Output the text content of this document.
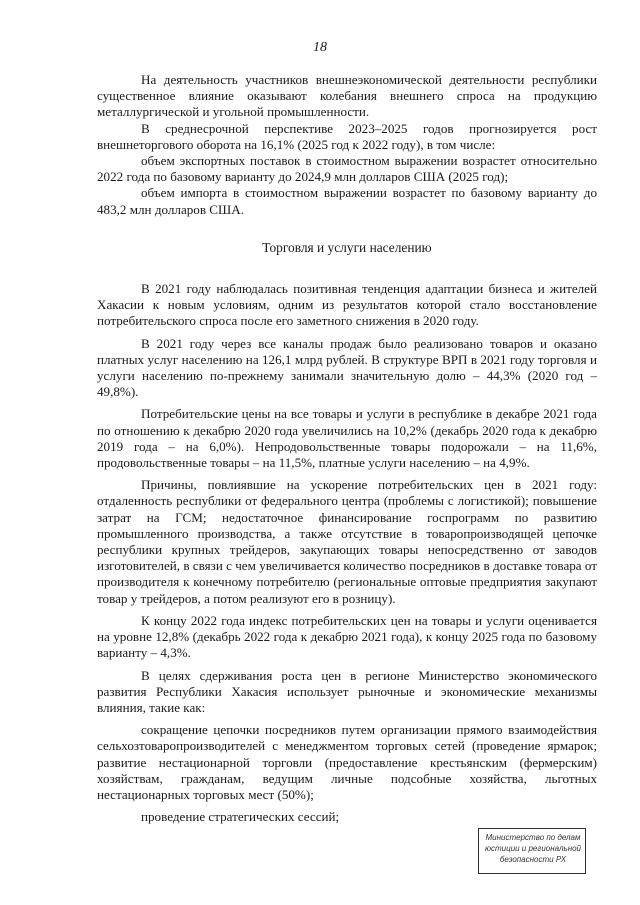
18

На деятельность участников внешнеэкономической деятельности республики существенное влияние оказывают колебания внешнего спроса на продукцию металлургической и угольной промышленности.

В среднесрочной перспективе 2023–2025 годов прогнозируется рост внешнеторгового оборота на 16,1% (2025 год к 2022 году), в том числе:

объем экспортных поставок в стоимостном выражении возрастет относительно 2022 года по базовому варианту до 2024,9 млн долларов США (2025 год);

объем импорта в стоимостном выражении возрастет по базовому варианту до 483,2 млн долларов США.

Торговля и услуги населению

В 2021 году наблюдалась позитивная тенденция адаптации бизнеса и жителей Хакасии к новым условиям, одним из результатов которой стало восстановление потребительского спроса после его заметного снижения в 2020 году.

В 2021 году через все каналы продаж было реализовано товаров и оказано платных услуг населению на 126,1 млрд рублей. В структуре ВРП в 2021 году торговля и услуги населению по-прежнему занимали значительную долю – 44,3% (2020 год – 49,8%).

Потребительские цены на все товары и услуги в республике в декабре 2021 года по отношению к декабрю 2020 года увеличились на 10,2% (декабрь 2020 года к декабрю 2019 года – на 6,0%). Непродовольственные товары подорожали – на 11,6%, продовольственные товары – на 11,5%, платные услуги населению – на 4,9%.

Причины, повлиявшие на ускорение потребительских цен в 2021 году: отдаленность республики от федерального центра (проблемы с логистикой); повышение затрат на ГСМ; недостаточное финансирование госпрограмм по развитию промышленного производства, а также отсутствие в товаропроизводящей цепочке республики крупных трейдеров, закупающих товары непосредственно от заводов изготовителей, в связи с чем увеличивается количество посредников в доставке товара от производителя к конечному потребителю (региональные оптовые предприятия закупают товар у трейдеров, а потом реализуют его в розницу).

К концу 2022 года индекс потребительских цен на товары и услуги оценивается на уровне 12,8% (декабрь 2022 года к декабрю 2021 года), к концу 2025 года по базовому варианту – 4,3%.

В целях сдерживания роста цен в регионе Министерство экономического развития Республики Хакасия использует рыночные и экономические механизмы влияния, такие как:

сокращение цепочки посредников путем организации прямого взаимодействия сельхозтоваропроизводителей с менеджментом торговых сетей (проведение ярмарок; развитие нестационарной торговли (предоставление крестьянским (фермерским) хозяйствам, гражданам, ведущим личные подсобные хозяйства, льготных нестационарных торговых мест (50%);

проведение стратегических сессий;

Министерство по делам
юстиции и региональной
безопасности РХ
